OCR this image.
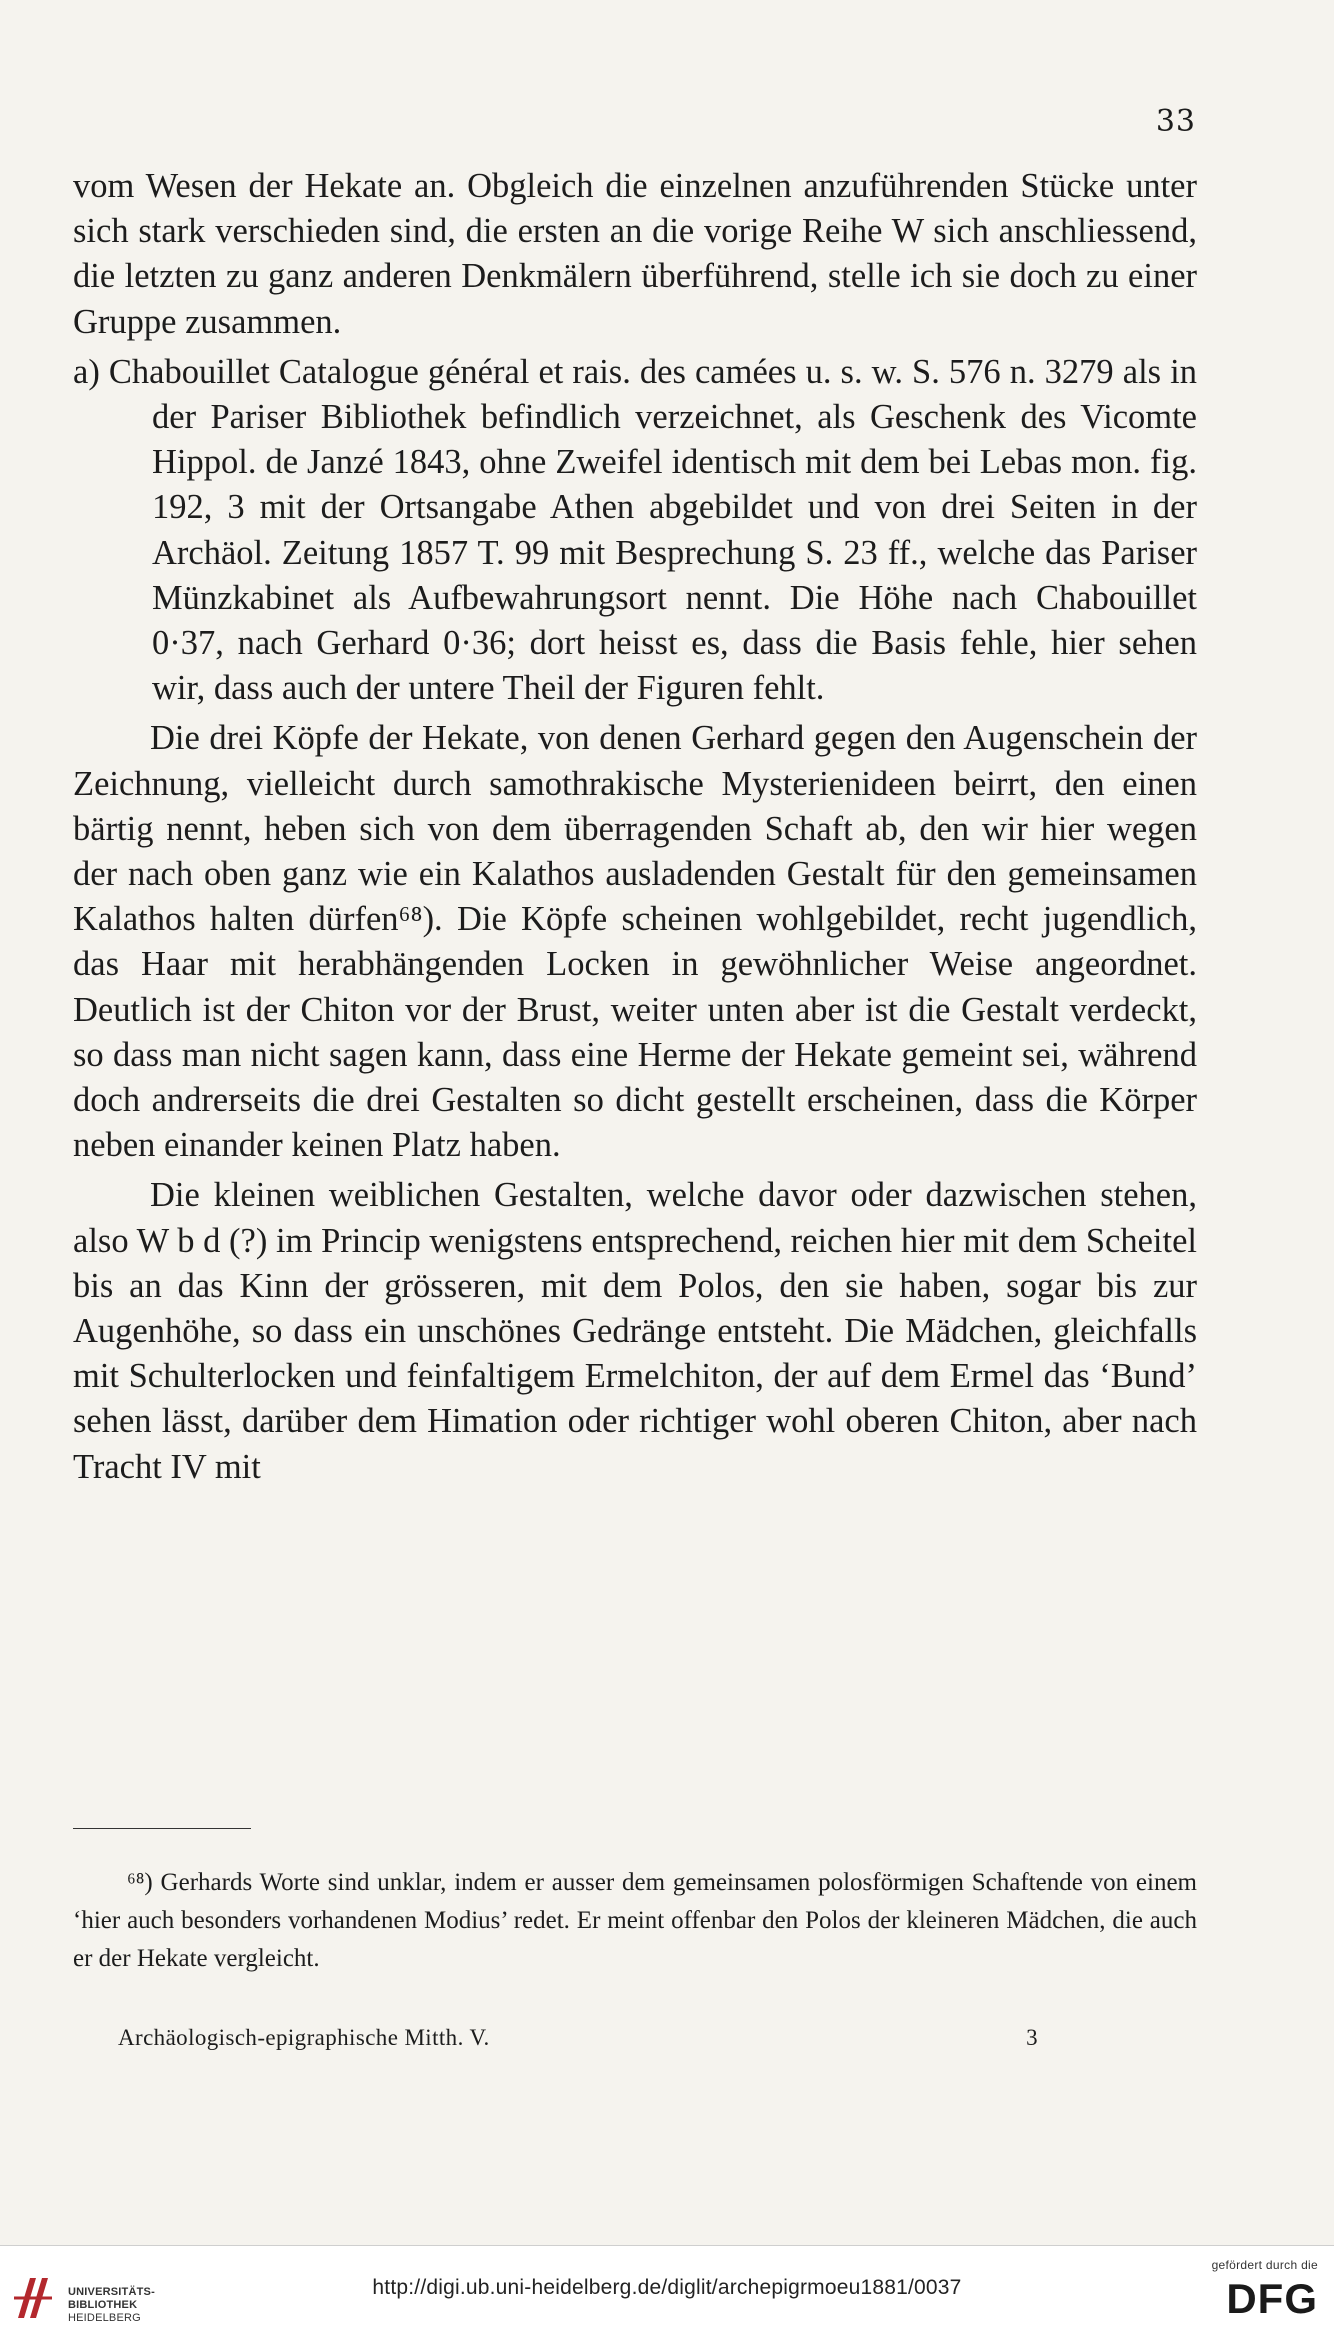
33

vom Wesen der Hekate an. Obgleich die einzelnen anzuführenden Stücke unter sich stark verschieden sind, die ersten an die vorige Reihe W sich anschliessend, die letzten zu ganz anderen Denkmälern überführend, stelle ich sie doch zu einer Gruppe zusammen.

a) Chabouillet Catalogue général et rais. des camées u. s. w. S. 576 n. 3279 als in der Pariser Bibliothek befindlich verzeichnet, als Geschenk des Vicomte Hippol. de Janzé 1843, ohne Zweifel identisch mit dem bei Lebas mon. fig. 192, 3 mit der Ortsangabe Athen abgebildet und von drei Seiten in der Archäol. Zeitung 1857 T. 99 mit Besprechung S. 23 ff., welche das Pariser Münzkabinet als Aufbewahrungsort nennt. Die Höhe nach Chabouillet 0·37, nach Gerhard 0·36; dort heisst es, dass die Basis fehle, hier sehen wir, dass auch der untere Theil der Figuren fehlt.

Die drei Köpfe der Hekate, von denen Gerhard gegen den Augenschein der Zeichnung, vielleicht durch samothrakische Mysterienideen beirrt, den einen bärtig nennt, heben sich von dem überragenden Schaft ab, den wir hier wegen der nach oben ganz wie ein Kalathos ausladenden Gestalt für den gemeinsamen Kalathos halten dürfen⁶⁸). Die Köpfe scheinen wohlgebildet, recht jugendlich, das Haar mit herabhängenden Locken in gewöhnlicher Weise angeordnet. Deutlich ist der Chiton vor der Brust, weiter unten aber ist die Gestalt verdeckt, so dass man nicht sagen kann, dass eine Herme der Hekate gemeint sei, während doch andrerseits die drei Gestalten so dicht gestellt erscheinen, dass die Körper neben einander keinen Platz haben.

Die kleinen weiblichen Gestalten, welche davor oder dazwischen stehen, also W b d (?) im Princip wenigstens entsprechend, reichen hier mit dem Scheitel bis an das Kinn der grösseren, mit dem Polos, den sie haben, sogar bis zur Augenhöhe, so dass ein unschönes Gedränge entsteht. Die Mädchen, gleichfalls mit Schulterlocken und feinfaltigem Ermelchiton, der auf dem Ermel das ‘Bund’ sehen lässt, darüber dem Himation oder richtiger wohl oberen Chiton, aber nach Tracht IV mit

⁶⁸) Gerhards Worte sind unklar, indem er ausser dem gemeinsamen polosförmigen Schaftende von einem ‘hier auch besonders vorhandenen Modius’ redet. Er meint offenbar den Polos der kleineren Mädchen, die auch er der Hekate vergleicht.

Archäologisch-epigraphische Mitth. V.	3
UNIVERSITÄTS-
BIBLIOTHEK
HEIDELBERG
http://digi.ub.uni-heidelberg.de/diglit/archepigrmoeu1881/0037
gefördert durch die
DFG
